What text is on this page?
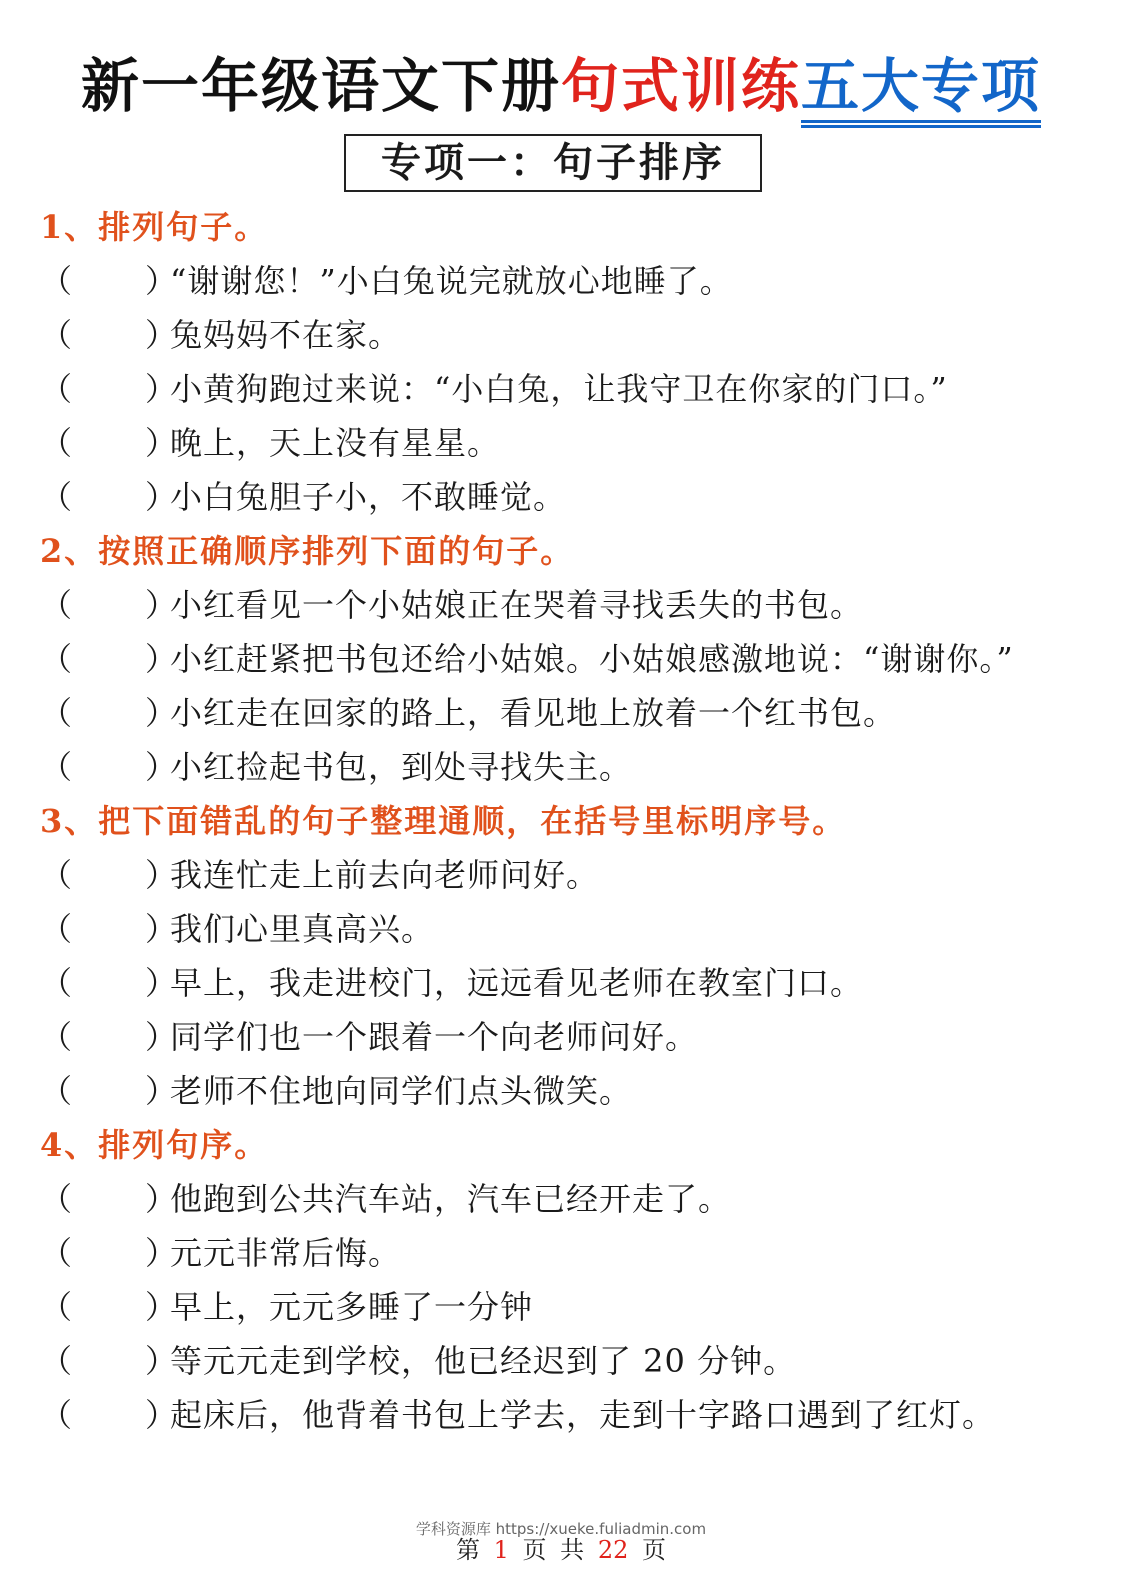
新一年级语文下册句式训练五大专项
专项一：句子排序
1、排列句子。
（ ）“谢谢您！”小白兔说完就放心地睡了。
（ ）兔妈妈不在家。
（ ）小黄狗跑过来说：“小白兔，让我守卫在你家的门口。”
（ ）晚上，天上没有星星。
（ ）小白兔胆子小，不敢睡觉。
2、按照正确顺序排列下面的句子。
（ ）小红看见一个小姑娘正在哭着寻找丢失的书包。
（ ）小红赶紧把书包还给小姑娘。小姑娘感激地说：“谢谢你。”
（ ）小红走在回家的路上，看见地上放着一个红书包。
（ ）小红捡起书包，到处寻找失主。
3、把下面错乱的句子整理通顺，在括号里标明序号。
（ ）我连忙走上前去向老师问好。
（ ）我们心里真高兴。
（ ）早上，我走进校门，远远看见老师在教室门口。
（ ）同学们也一个跟着一个向老师问好。
（ ）老师不住地向同学们点头微笑。
4、排列句序。
（ ）他跑到公共汽车站，汽车已经开走了。
（ ）元元非常后悔。
（ ）早上，元元多睡了一分钟
（ ）等元元走到学校，他已经迟到了 20 分钟。
（ ）起床后，他背着书包上学去，走到十字路口遇到了红灯。
学科资源库 https://xueke.fuliadmin.com
第 1 页 共 22 页
